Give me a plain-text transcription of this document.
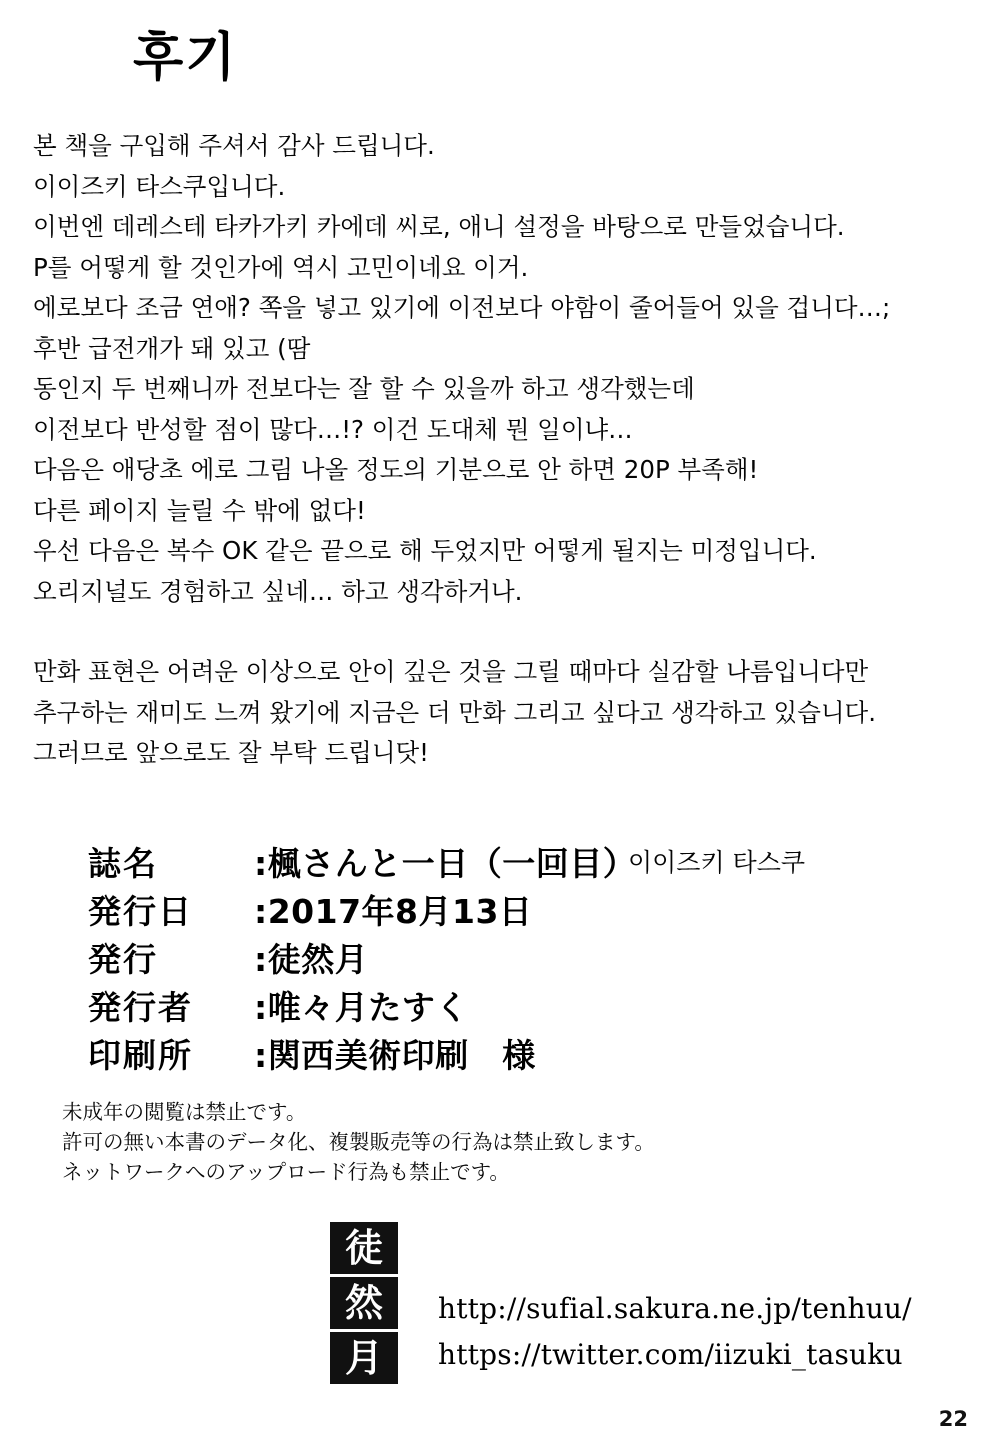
후기

본 책을 구입해 주셔서 감사 드립니다.

이이즈키 타스쿠입니다.

이번엔 데레스테 타카가키 카에데 씨로, 애니 설정을 바탕으로 만들었습니다.

P를 어떻게 할 것인가에 역시 고민이네요 이거.

에로보다 조금 연애? 쪽을 넣고 있기에 이전보다 야함이 줄어들어 있을 겁니다…;

후반 급전개가 돼 있고 (땀

동인지 두 번째니까 전보다는 잘 할 수 있을까 하고 생각했는데

이전보다 반성할 점이 많다…!? 이건 도대체 뭔 일이냐…

다음은 애당초 에로 그림 나올 정도의 기분으로 안 하면 20P 부족해!

다른 페이지 늘릴 수 밖에 없다!

우선 다음은 복수 OK 같은 끝으로 해 두었지만 어떻게 될지는 미정입니다.

오리지널도 경험하고 싶네… 하고 생각하거나.

만화 표현은 어려운 이상으로 안이 깊은 것을 그릴 때마다 실감할 나름입니다만

추구하는 재미도 느껴 왔기에 지금은 더 만화 그리고 싶다고 생각하고 있습니다.

그러므로 앞으로도 잘 부탁 드립니닷!

이이즈키 타스쿠
誌名	:楓さんと一日（一回目）
発行日	:2017年8月13日
発行	:徒然月
発行者	:唯々月たすく
印刷所	:関西美術印刷　様

未成年の閲覧は禁止です。

許可の無い本書のデータ化、複製販売等の行為は禁止致します。

ネットワークへのアップロード行為も禁止です。

徒
然
月

http://sufial.sakura.ne.jp/tenhuu/

https://twitter.com/iizuki_tasuku

22
